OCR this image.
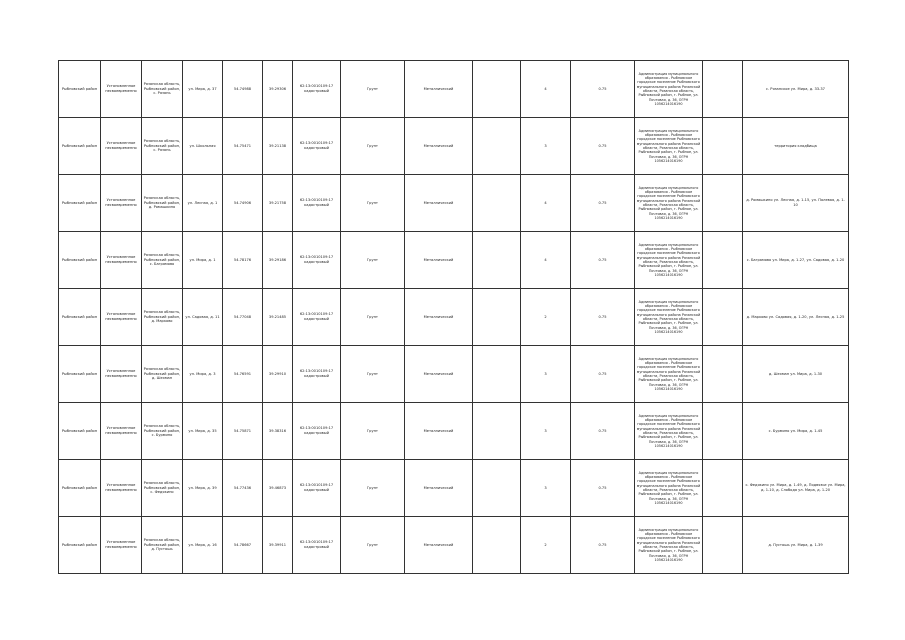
Рыбновский район	Установленное несвоевременно	Рязанская область, Рыбновский район, с. Рязань	ул. Мира, д. 37	54.74988	39.29306	62:13:0010109:17 кадастровый	Грунт	Металлический		4	0.75	Администрация муниципального образования - Рыбновское городское поселение Рыбновского муниципального района Рязанской области, Рязанская область, Рыбновский район, г. Рыбное, ул. Почтовая, д. 36, ОГРН 1056214016190		с. Рязанское ул. Мира, д. 33-37
Рыбновский район	Установленное несвоевременно	Рязанская область, Рыбновский район, с. Рязань	ул. Школьная	54.75471	39.21138	62:13:0010109:17 кадастровый	Грунт	Металлический		3	0.75	Администрация муниципального образования - Рыбновское городское поселение Рыбновского муниципального района Рязанской области, Рязанская область, Рыбновский район, г. Рыбное, ул. Почтовая, д. 36, ОГРН 1056214016190		территория кладбища
Рыбновский район	Установленное несвоевременно	Рязанская область, Рыбновский район, д. Ромашкино	ул. Лесная, д. 1	54.74906	39.21758	62:13:0010109:17 кадастровый	Грунт	Металлический		4	0.75	Администрация муниципального образования - Рыбновское городское поселение Рыбновского муниципального района Рязанской области, Рязанская область, Рыбновский район, г. Рыбное, ул. Почтовая, д. 36, ОГРН 1056214016190		д. Ромашкино ул. Лесная, д. 1-15, ул. Полевая, д. 1-10
Рыбновский район	Установленное несвоевременно	Рязанская область, Рыбновский район, с. Баграмово	ул. Мира, д. 1	54.78176	39.29186	62:13:0010109:17 кадастровый	Грунт	Металлический		4	0.75	Администрация муниципального образования - Рыбновское городское поселение Рыбновского муниципального района Рязанской области, Рязанская область, Рыбновский район, г. Рыбное, ул. Почтовая, д. 36, ОГРН 1056214016190		с. Баграмово ул. Мира, д. 1-27, ул. Садовая, д. 1-20
Рыбновский район	Установленное несвоевременно	Рязанская область, Рыбновский район, д. Марково	ул. Садовая, д. 11	54.77048	39.21485	62:13:0010109:17 кадастровый	Грунт	Металлический		2	0.75	Администрация муниципального образования - Рыбновское городское поселение Рыбновского муниципального района Рязанской области, Рязанская область, Рыбновский район, г. Рыбное, ул. Почтовая, д. 36, ОГРН 1056214016190		д. Марково ул. Садовая, д. 1-20, ул. Лесная, д. 1-25
Рыбновский район	Установленное несвоевременно	Рязанская область, Рыбновский район, д. Шехман	ул. Мира, д. 3	54.76591	39.29910	62:13:0010109:17 кадастровый	Грунт	Металлический		3	0.75	Администрация муниципального образования - Рыбновское городское поселение Рыбновского муниципального района Рязанской области, Рязанская область, Рыбновский район, г. Рыбное, ул. Почтовая, д. 36, ОГРН 1056214016190		д. Шехман ул. Мира, д. 1-30
Рыбновский район	Установленное несвоевременно	Рязанская область, Рыбновский район, с. Бурмино	ул. Мира, д. 35	54.75871	39.38316	62:13:0010109:17 кадастровый	Грунт	Металлический		3	0.75	Администрация муниципального образования - Рыбновское городское поселение Рыбновского муниципального района Рязанской области, Рязанская область, Рыбновский район, г. Рыбное, ул. Почтовая, д. 36, ОГРН 1056214016190		с. Бурмино ул. Мира, д. 1-45
Рыбновский район	Установленное несвоевременно	Рязанская область, Рыбновский район, с. Федякино	ул. Мира, д. 39	54.77436	39.46873	62:13:0010109:17 кадастровый	Грунт	Металлический		3	0.75	Администрация муниципального образования - Рыбновское городское поселение Рыбновского муниципального района Рязанской области, Рязанская область, Рыбновский район, г. Рыбное, ул. Почтовая, д. 36, ОГРН 1056214016190		с. Федякино ул. Мира, д. 1-49, д. Подвязье ул. Мира, д. 1-10, д. Слобода ул. Мира, д. 1-20
Рыбновский район	Установленное несвоевременно	Рязанская область, Рыбновский район, д. Пустошь	ул. Мира, д. 16	54.78667	39.39911	62:13:0010109:17 кадастровый	Грунт	Металлический		2	0.75	Администрация муниципального образования - Рыбновское городское поселение Рыбновского муниципального района Рязанской области, Рязанская область, Рыбновский район, г. Рыбное, ул. Почтовая, д. 36, ОГРН 1056214016190		д. Пустошь ул. Мира, д. 1-39
